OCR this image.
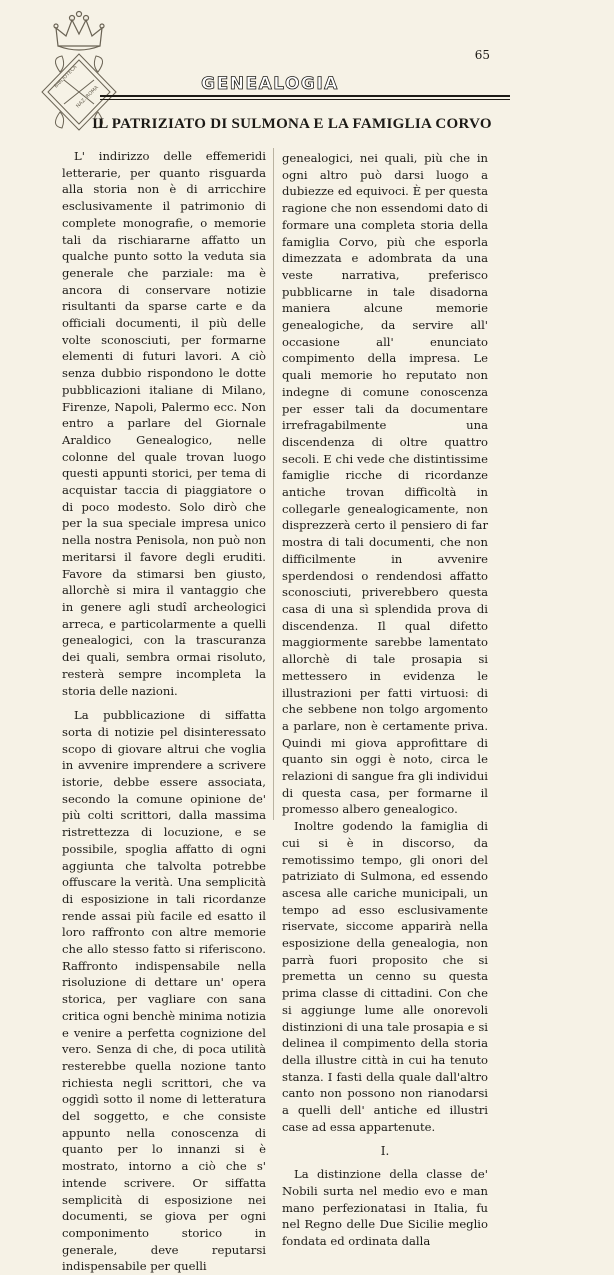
BIBLIOTECA
NAZ. ROMA
65
GENEALOGIA
IL PATRIZIATO DI SULMONA E LA FAMIGLIA CORVO

L' indirizzo delle effemeridi letterarie, per quanto risguarda alla storia non è di arricchire esclusivamente il patrimonio di complete monografie, o memorie tali da rischiararne affatto un qualche punto sotto la veduta sia generale che parziale: ma è ancora di conservare notizie risultanti da sparse carte e da officiali documenti, il più delle volte sconosciuti, per formarne elementi di futuri lavori. A ciò senza dubbio rispondono le dotte pubblicazioni italiane di Milano, Firenze, Napoli, Palermo ecc. Non entro a parlare del Giornale Araldico Genealogico, nelle colonne del quale trovan luogo questi appunti storici, per tema di acquistar taccia di piaggiatore o di poco modesto. Solo dirò che per la sua speciale impresa unico nella nostra Penisola, non può non meritarsi il favore degli eruditi. Favore da stimarsi ben giusto, allorchè si mira il vantaggio che in genere agli studî archeologici arreca, e particolarmente a quelli genealogici, con la trascuranza dei quali, sembra ormai risoluto, resterà sempre incompleta la storia delle nazioni.

La pubblicazione di siffatta sorta di notizie pel disinteressato scopo di giovare altrui che voglia in avvenire imprendere a scrivere istorie, debbe essere associata, secondo la comune opinione de' più colti scrittori, dalla massima ristrettezza di locuzione, e se possibile, spoglia affatto di ogni aggiunta che talvolta potrebbe offuscare la verità. Una semplicità di esposizione in tali ricordanze rende assai più facile ed esatto il loro raffronto con altre memorie che allo stesso fatto si riferiscono. Raffronto indispensabile nella risoluzione di dettare un' opera storica, per vagliare con sana critica ogni benchè minima notizia e venire a perfetta cognizione del vero. Senza di che, di poca utilità resterebbe quella nozione tanto richiesta negli scrittori, che va oggidì sotto il nome di letteratura del soggetto, e che consiste appunto nella conoscenza di quanto per lo innanzi si è mostrato, intorno a ciò che s' intende scrivere. Or siffatta semplicità di esposizione nei documenti, se giova per ogni componimento storico in generale, deve reputarsi indispensabile per quelli

genealogici, nei quali, più che in ogni altro può darsi luogo a dubiezze ed equivoci. È per questa ragione che non essendomi dato di formare una completa storia della famiglia Corvo, più che esporla dimezzata e adombrata da una veste narrativa, preferisco pubblicarne in tale disadorna maniera alcune memorie genealogiche, da servire all' occasione all' enunciato compimento della impresa. Le quali memorie ho reputato non indegne di comune conoscenza per esser tali da documentare irrefragabilmente una discendenza di oltre quattro secoli. E chi vede che distintissime famiglie ricche di ricordanze antiche trovan difficoltà in collegarle genealogicamente, non disprezzerà certo il pensiero di far mostra di tali documenti, che non difficilmente in avvenire sperdendosi o rendendosi affatto sconosciuti, priverebbero questa casa di una sì splendida prova di discendenza. Il qual difetto maggiormente sarebbe lamentato allorchè di tale prosapia si mettessero in evidenza le illustrazioni per fatti virtuosi: di che sebbene non tolgo argomento a parlare, non è certamente priva. Quindi mi giova approfittare di quanto sin oggi è noto, circa le relazioni di sangue fra gli individui di questa casa, per formarne il promesso albero genealogico.

Inoltre godendo la famiglia di cui si è in discorso, da remotissimo tempo, gli onori del patriziato di Sulmona, ed essendo ascesa alle cariche municipali, un tempo ad esso esclusivamente riservate, siccome apparirà nella esposizione della genealogia, non parrà fuori proposito che si premetta un cenno su questa prima classe di cittadini. Con che si aggiunge lume alle onorevoli distinzioni di una tale prosapia e si delinea il compimento della storia della illustre città in cui ha tenuto stanza. I fasti della quale dall'altro canto non possono non rianodarsi a quelli dell' antiche ed illustri case ad essa appartenute.

I.

La distinzione della classe de' Nobili surta nel medio evo e man mano perfezionatasi in Italia, fu nel Regno delle Due Sicilie meglio fondata ed ordinata dalla
